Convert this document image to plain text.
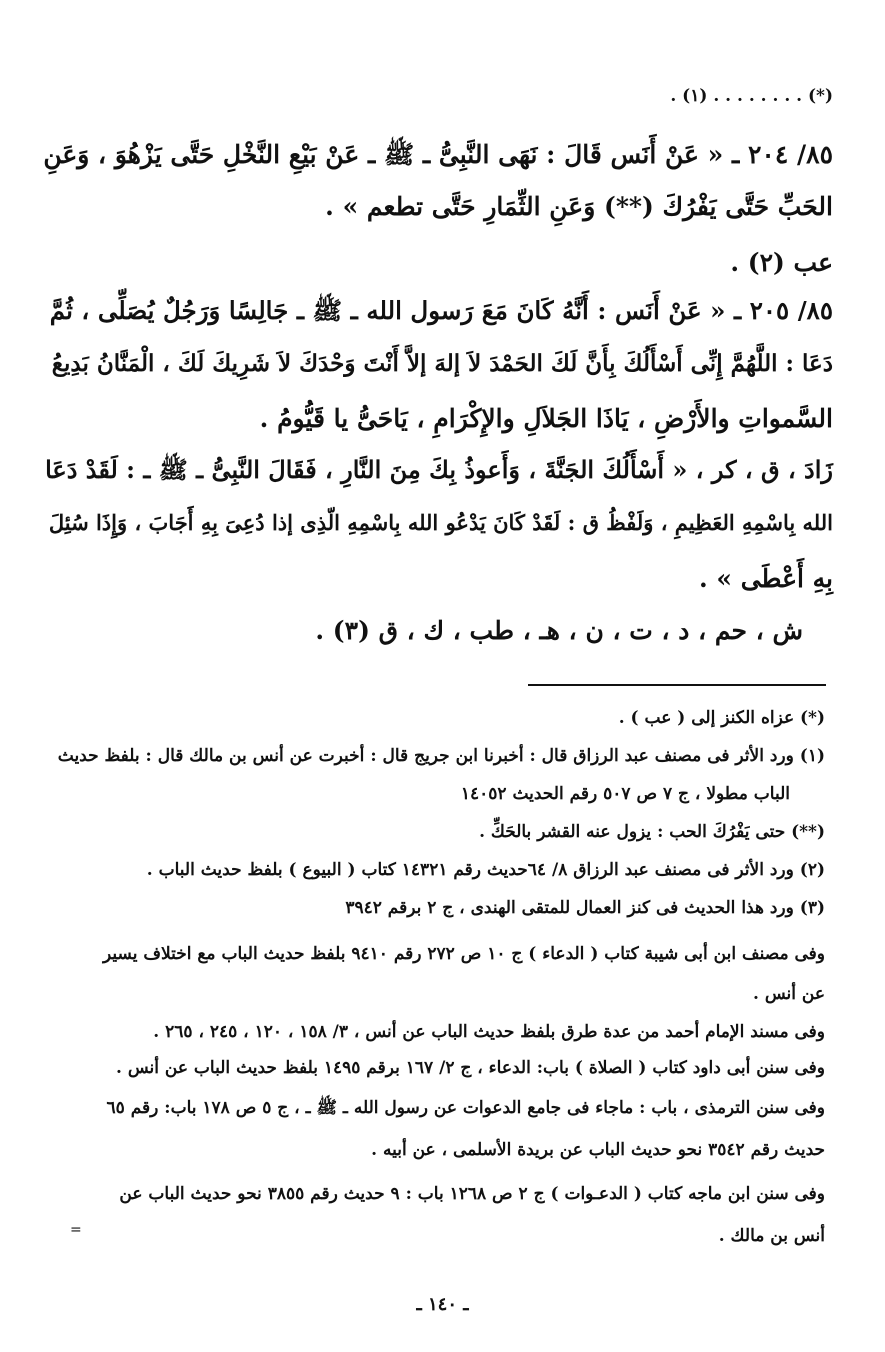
(*) . . . . . . . . (١) .
٨٥/ ٢٠٤ ـ « عَنْ أَنَس قَالَ : نَهَى النَّبِىُّ ـ ﷺ ـ عَنْ بَيْعِ النَّخْلِ حَتَّى يَزْهُوَ ، وَعَنِ
الحَبِّ حَتَّى يَفْرُكَ (**) وَعَنِ الثِّمَارِ حَتَّى تطعم » .
عب (٢) .
٨٥/ ٢٠٥ ـ « عَنْ أَنَس : أَنَّهُ كَانَ مَعَ رَسول الله ـ ﷺ ـ جَالِسًا وَرَجُلٌ يُصَلِّى ، ثُمَّ
دَعَا : اللَّهُمَّ إِنِّى أَسْأَلُكَ بِأَنَّ لَكَ الحَمْدَ لاَ إلهَ إلاَّ أَنْتَ وَحْدَكَ لاَ شَرِيكَ لَكَ ، الْمَنَّانُ بَدِيعُ
السَّمواتِ والأَرْضِ ، يَاذَا الجَلاَلِ والإِكْرَامِ ، يَاحَىُّ يا قَيُّومُ .
زَادَ ، ق ، كر ، « أَسْأَلُكَ الجَنَّةَ ، وَأَعوذُ بِكَ مِنَ النَّارِ ، فَقَالَ النَّبِىُّ ـ ﷺ ـ : لَقَدْ دَعَا
الله بِاسْمِهِ العَظِيمِ ، وَلَفْظُ ق : لَقَدْ كَانَ يَدْعُو الله بِاسْمِهِ الّذِى إذا دُعِىَ بِهِ أَجَابَ ، وَإِذَا سُئِلَ
بِهِ أَعْطَى » .
ش ، حم ، د ، ت ، ن ، هـ ، طب ، ك ، ق (٣) .
(*) عزاه الكنز إلى ( عب ) .
(١) ورد الأثر فى مصنف عبد الرزاق قال : أخبرنا ابن جريج قال : أخبرت عن أنس بن مالك قال : بلفظ حديث
الباب مطولا ، ج ٧ ص ٥٠٧ رقم الحديث ١٤٠٥٢
(**) حتى يَفْرُكَ الحب : يزول عنه القشر بالحَكِّ .
(٢) ورد الأثر فى مصنف عبد الرزاق ٨/ ٦٤حديث رقم ١٤٣٢١ كتاب ( البيوع ) بلفظ حديث الباب .
(٣) ورد هذا الحديث فى كنز العمال للمتقى الهندى ، ج ٢ برقم ٣٩٤٢
وفى مصنف ابن أبى شيبة كتاب ( الدعاء ) ج ١٠ ص ٢٧٢ رقم ٩٤١٠ بلفظ حديث الباب مع اختلاف يسير
عن أنس .
وفى مسند الإمام أحمد من عدة طرق بلفظ حديث الباب عن أنس ، ٣/ ١٥٨ ، ١٢٠ ، ٢٤٥ ، ٢٦٥ .
وفى سنن أبى داود كتاب ( الصلاة ) باب: الدعاء ، ج ٢/ ١٦٧ برقم ١٤٩٥ بلفظ حديث الباب عن أنس .
وفى سنن الترمذى ، باب : ماجاء فى جامع الدعوات عن رسول الله ـ ﷺ ـ ، ج ٥ ص ١٧٨ باب: رقم ٦٥
حديث رقم ٣٥٤٢ نحو حديث الباب عن بريدة الأسلمى ، عن أبيه .
وفى سنن ابن ماجه كتاب ( الدعـوات ) ج ٢ ص ١٢٦٨ باب : ٩ حديث رقم ٣٨٥٥ نحو حديث الباب عن
أنس بن مالك .
=
ـ ١٤٠ ـ
